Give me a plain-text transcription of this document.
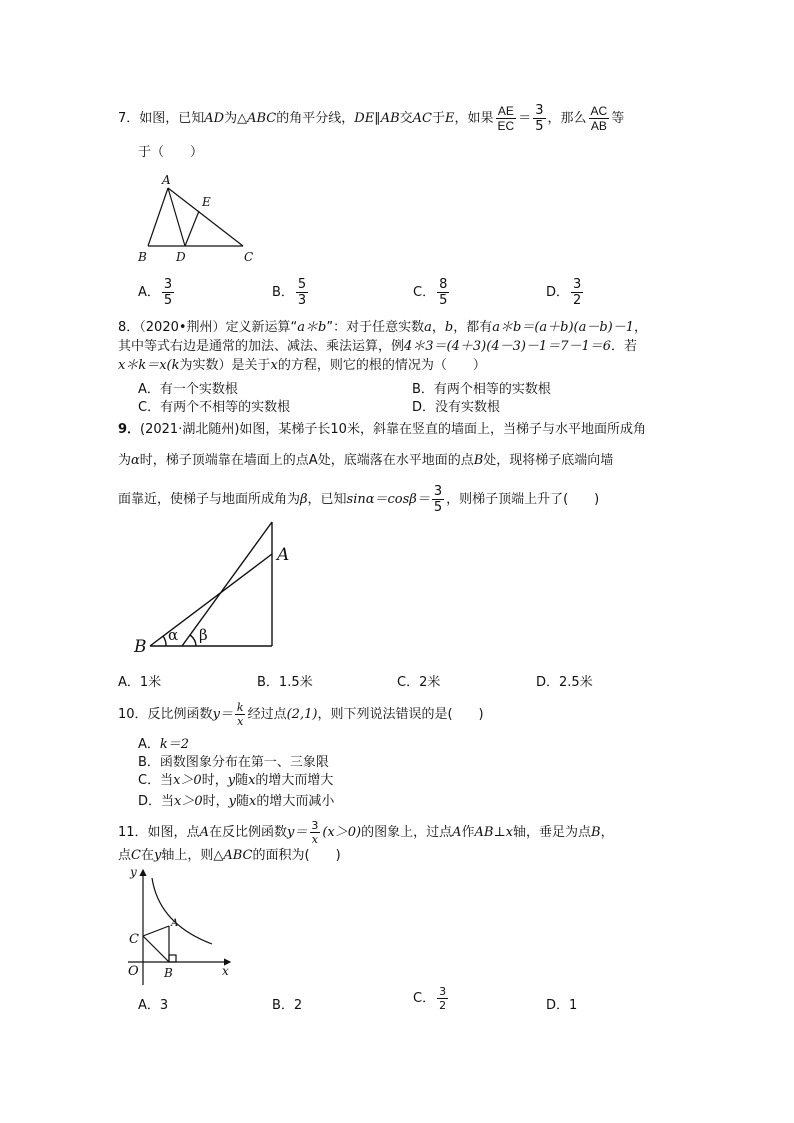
7．如图，已知AD为△ABC的角平分线，DE∥AB交AC于E，如果 $\frac{AE}{EC} = \frac{3}{5}$ ，那么 $\frac{AC}{AB}$ 等
于（　　）
A
E
B D	C
A． $\frac{3}{5}$	B． $\frac{5}{3}$	C． $\frac{8}{5}$	D． $\frac{3}{2}$
8．（2020•荆州）定义新运算“a＊b”：对于任意实数a，b，都有a＊b＝(a＋b)(a－b)－1，
其中等式右边是通常的加法、减法、乘法运算，例4＊3＝(4＋3)(4－3)－1＝7－1＝6．若
x＊k＝x(k为实数）是关于x的方程，则它的根的情况为（　　）
A．有一个实数根	B．有两个相等的实数根
C．有两个不相等的实数根	D．没有实数根
9．(2021·湖北随州)如图，某梯子长10米，斜靠在竖直的墙面上，当梯子与水平地面所成角
为α时，梯子顶端靠在墙面上的点A处，底端落在水平地面的点B处，现将梯子底端向墙
面靠近，使梯子与地面所成角为β，已知$\sin\alpha=\cos\beta= \frac{3}{5}$ ，则梯子顶端上升了(　　)
A
B
α β
A．1米	B．1.5米	C．2米	D．2.5米
10．反比例函数$y= \frac{k}{x}$ 经过点(2,1)，则下列说法错误的是(　　)
A．k＝2
B．函数图象分布在第一、三象限
C．当x＞0时，y随x的增大而增大
D．当x＞0时，y随x的增大而减小
11．如图，点A在反比例函数$y= \frac{3}{x} (x>0)$的图象上，过点A作AB⊥x轴，垂足为点B，
点C在y轴上，则△ABC的面积为(　　)
y
x
O
A
B
C
A．3	B．2	C． $\frac{3}{2}$	D．1
